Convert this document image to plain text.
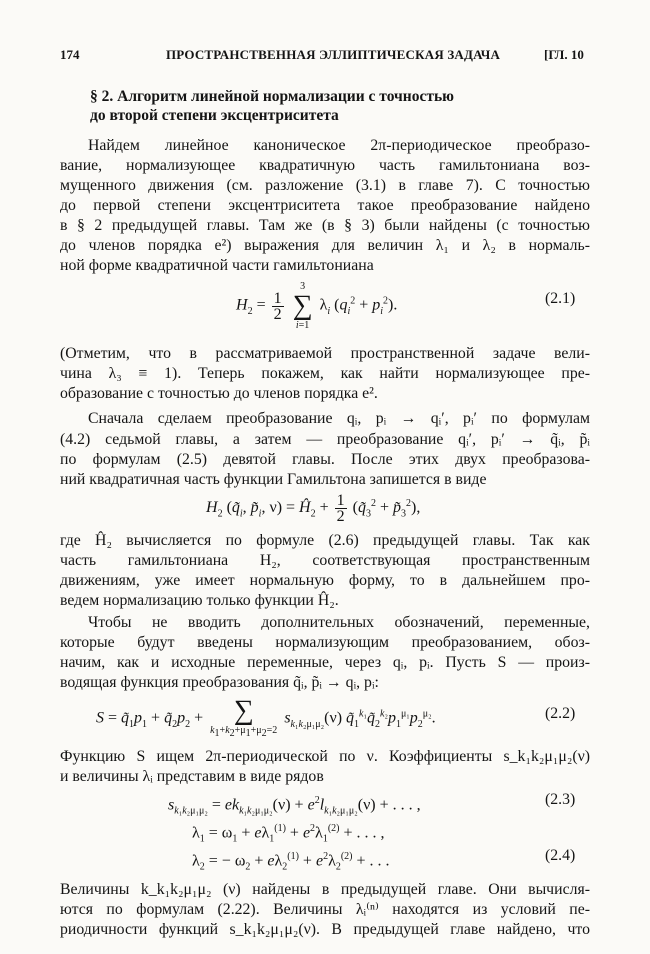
174	ПРОСТРАНСТВЕННАЯ ЭЛЛИПТИЧЕСКАЯ ЗАДАЧА	[ГЛ. 10
§ 2. Алгоритм линейной нормализации с точностью
до второй степени эксцентриситета
Найдем линейное каноническое 2π-периодическое преобразо-
вание, нормализующее квадратичную часть гамильтониана воз-
мущенного движения (см. разложение (3.1) в главе 7). С точностью
до первой степени эксцентриситета такое преобразование найдено
в § 2 предыдущей главы. Там же (в § 3) были найдены (с точностью
до членов порядка e²) выражения для величин λ₁ и λ₂ в нормаль-
ной форме квадратичной части гамильтониана
$H_2 = \frac{1}{2}$

3
∑
i=1
$\lambda_i$ $(q_i^2 + p_i^2)$.	(2.1)
(Отметим, что в рассматриваемой пространственной задаче вели-
чина λ₃ ≡ 1). Теперь покажем, как найти нормализующее пре-
образование с точностью до членов порядка e².
Сначала сделаем преобразование qᵢ, pᵢ → qᵢ′, pᵢ′ по формулам
(4.2) седьмой главы, а затем — преобразование qᵢ′, pᵢ′ → q̃ᵢ, p̃ᵢ
по формулам (2.5) девятой главы. После этих двух преобразова-
ний квадратичная часть функции Гамильтона запишется в виде
$H_2$ ($q̃_i$, $p̃_i$, $\nu) = Ĥ_2 + \frac{1}{2}$ ($q̃_3^2$ + $p̃_3^2$),
где Ĥ₂ вычисляется по формуле (2.6) предыдущей главы. Так как
часть гамильтониана H₂, соответствующая пространственным
движениям, уже имеет нормальную форму, то в дальнейшем про-
ведем нормализацию только функции Ĥ₂.
Чтобы не вводить дополнительных обозначений, переменные,
которые будут введены нормализующим преобразованием, обоз-
начим, как и исходные переменные, через qᵢ, pᵢ. Пусть S — произ-
водящая функция преобразования q̃ᵢ, p̃ᵢ → qᵢ, pᵢ:
$S = q̃_1p_1$ + $q̃_2p_2$ + ∑
$k_1+k_2+\mu_1+\mu_2=2$
$s_{k_1k_2\mu_1\mu_2}(\nu)$ $q̃_1^{k_1}q̃_2^{k_2}p_1^{\mu_1}p_2^{\mu_2}$.	(2.2)
Функцию S ищем 2π-периодической по ν. Коэффициенты s_k₁k₂μ₁μ₂(ν)
и величины λᵢ представим в виде рядов
$s_{k_1k_2\mu_1\mu_2} = ek_{k_1k_2\mu_1\mu_2}(\nu) + e^2l_{k_1k_2\mu_1\mu_2}(\nu)$ + . . . ,	(2.3)
$\lambda_1 = \omega_1 + e\lambda_1^{(1)} + e^2\lambda_1^{(2)}$ + . . . ,
$\lambda_2$ = − $\omega_2 + e\lambda_2^{(1)} + e^2\lambda_2^{(2)}$ + . . .	(2.4)
Величины k_k₁k₂μ₁μ₂ (ν) найдены в предыдущей главе. Они вычисля-
ются по формулам (2.22). Величины λᵢ⁽ⁿ⁾ находятся из условий пе-
риодичности функций s_k₁k₂μ₁μ₂(ν). В предыдущей главе найдено, что
